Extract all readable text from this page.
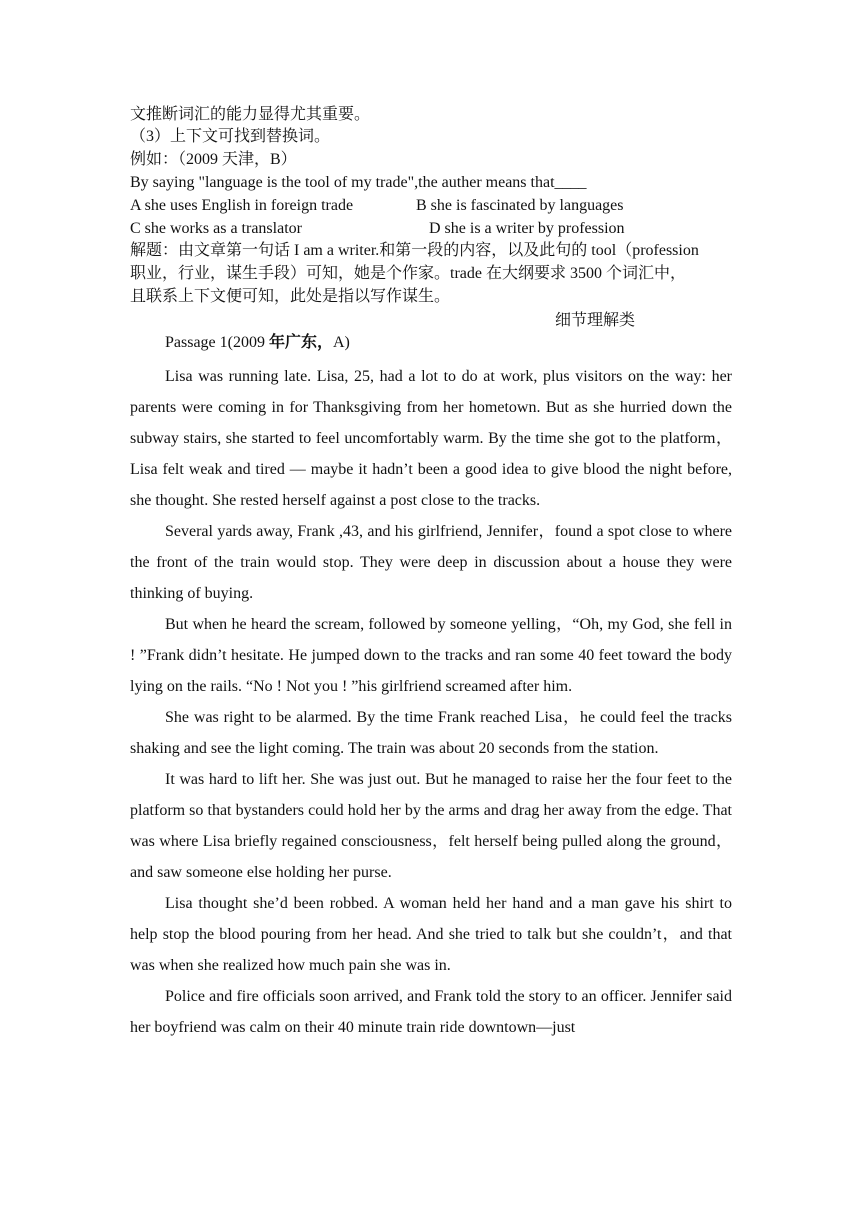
文推断词汇的能力显得尤其重要。
（3）上下文可找到替换词。
例如：（2009 天津，B）
By saying "language is the tool of my trade",the auther means that____
A she uses English in foreign trade	B she is fascinated by languages
C she works as a translator	D she is a writer by profession
解题：由文章第一句话 I am a writer.和第一段的内容，以及此句的 tool（profession
职业，行业，谋生手段）可知，她是个作家。trade 在大纲要求 3500 个词汇中，
且联系上下文便可知，此处是指以写作谋生。
细节理解类
Passage 1(2009 年广东，A)

Lisa was running late. Lisa, 25, had a lot to do at work, plus visitors on the way: her parents were coming in for Thanksgiving from her hometown. But as she hurried down the subway stairs, she started to feel uncomfortably warm. By the time she got to the platform，Lisa felt weak and tired — maybe it hadn’t been a good idea to give blood the night before, she thought. She rested herself against a post close to the tracks.

Several yards away, Frank ,43, and his girlfriend, Jennifer，found a spot close to where the front of the train would stop. They were deep in discussion about a house they were thinking of buying.

But when he heard the scream, followed by someone yelling，“Oh, my God, she fell in ! ”Frank didn’t hesitate. He jumped down to the tracks and ran some 40 feet toward the body lying on the rails. “No ! Not you ! ”his girlfriend screamed after him.

She was right to be alarmed. By the time Frank reached Lisa，he could feel the tracks shaking and see the light coming. The train was about 20 seconds from the station.

It was hard to lift her. She was just out. But he managed to raise her the four feet to the platform so that bystanders could hold her by the arms and drag her away from the edge. That was where Lisa briefly regained consciousness，felt herself being pulled along the ground，and saw someone else holding her purse.

Lisa thought she’d been robbed. A woman held her hand and a man gave his shirt to help stop the blood pouring from her head. And she tried to talk but she couldn’t，and that was when she realized how much pain she was in.

Police and fire officials soon arrived, and Frank told the story to an officer. Jennifer said her boyfriend was calm on their 40 minute train ride downtown—just
